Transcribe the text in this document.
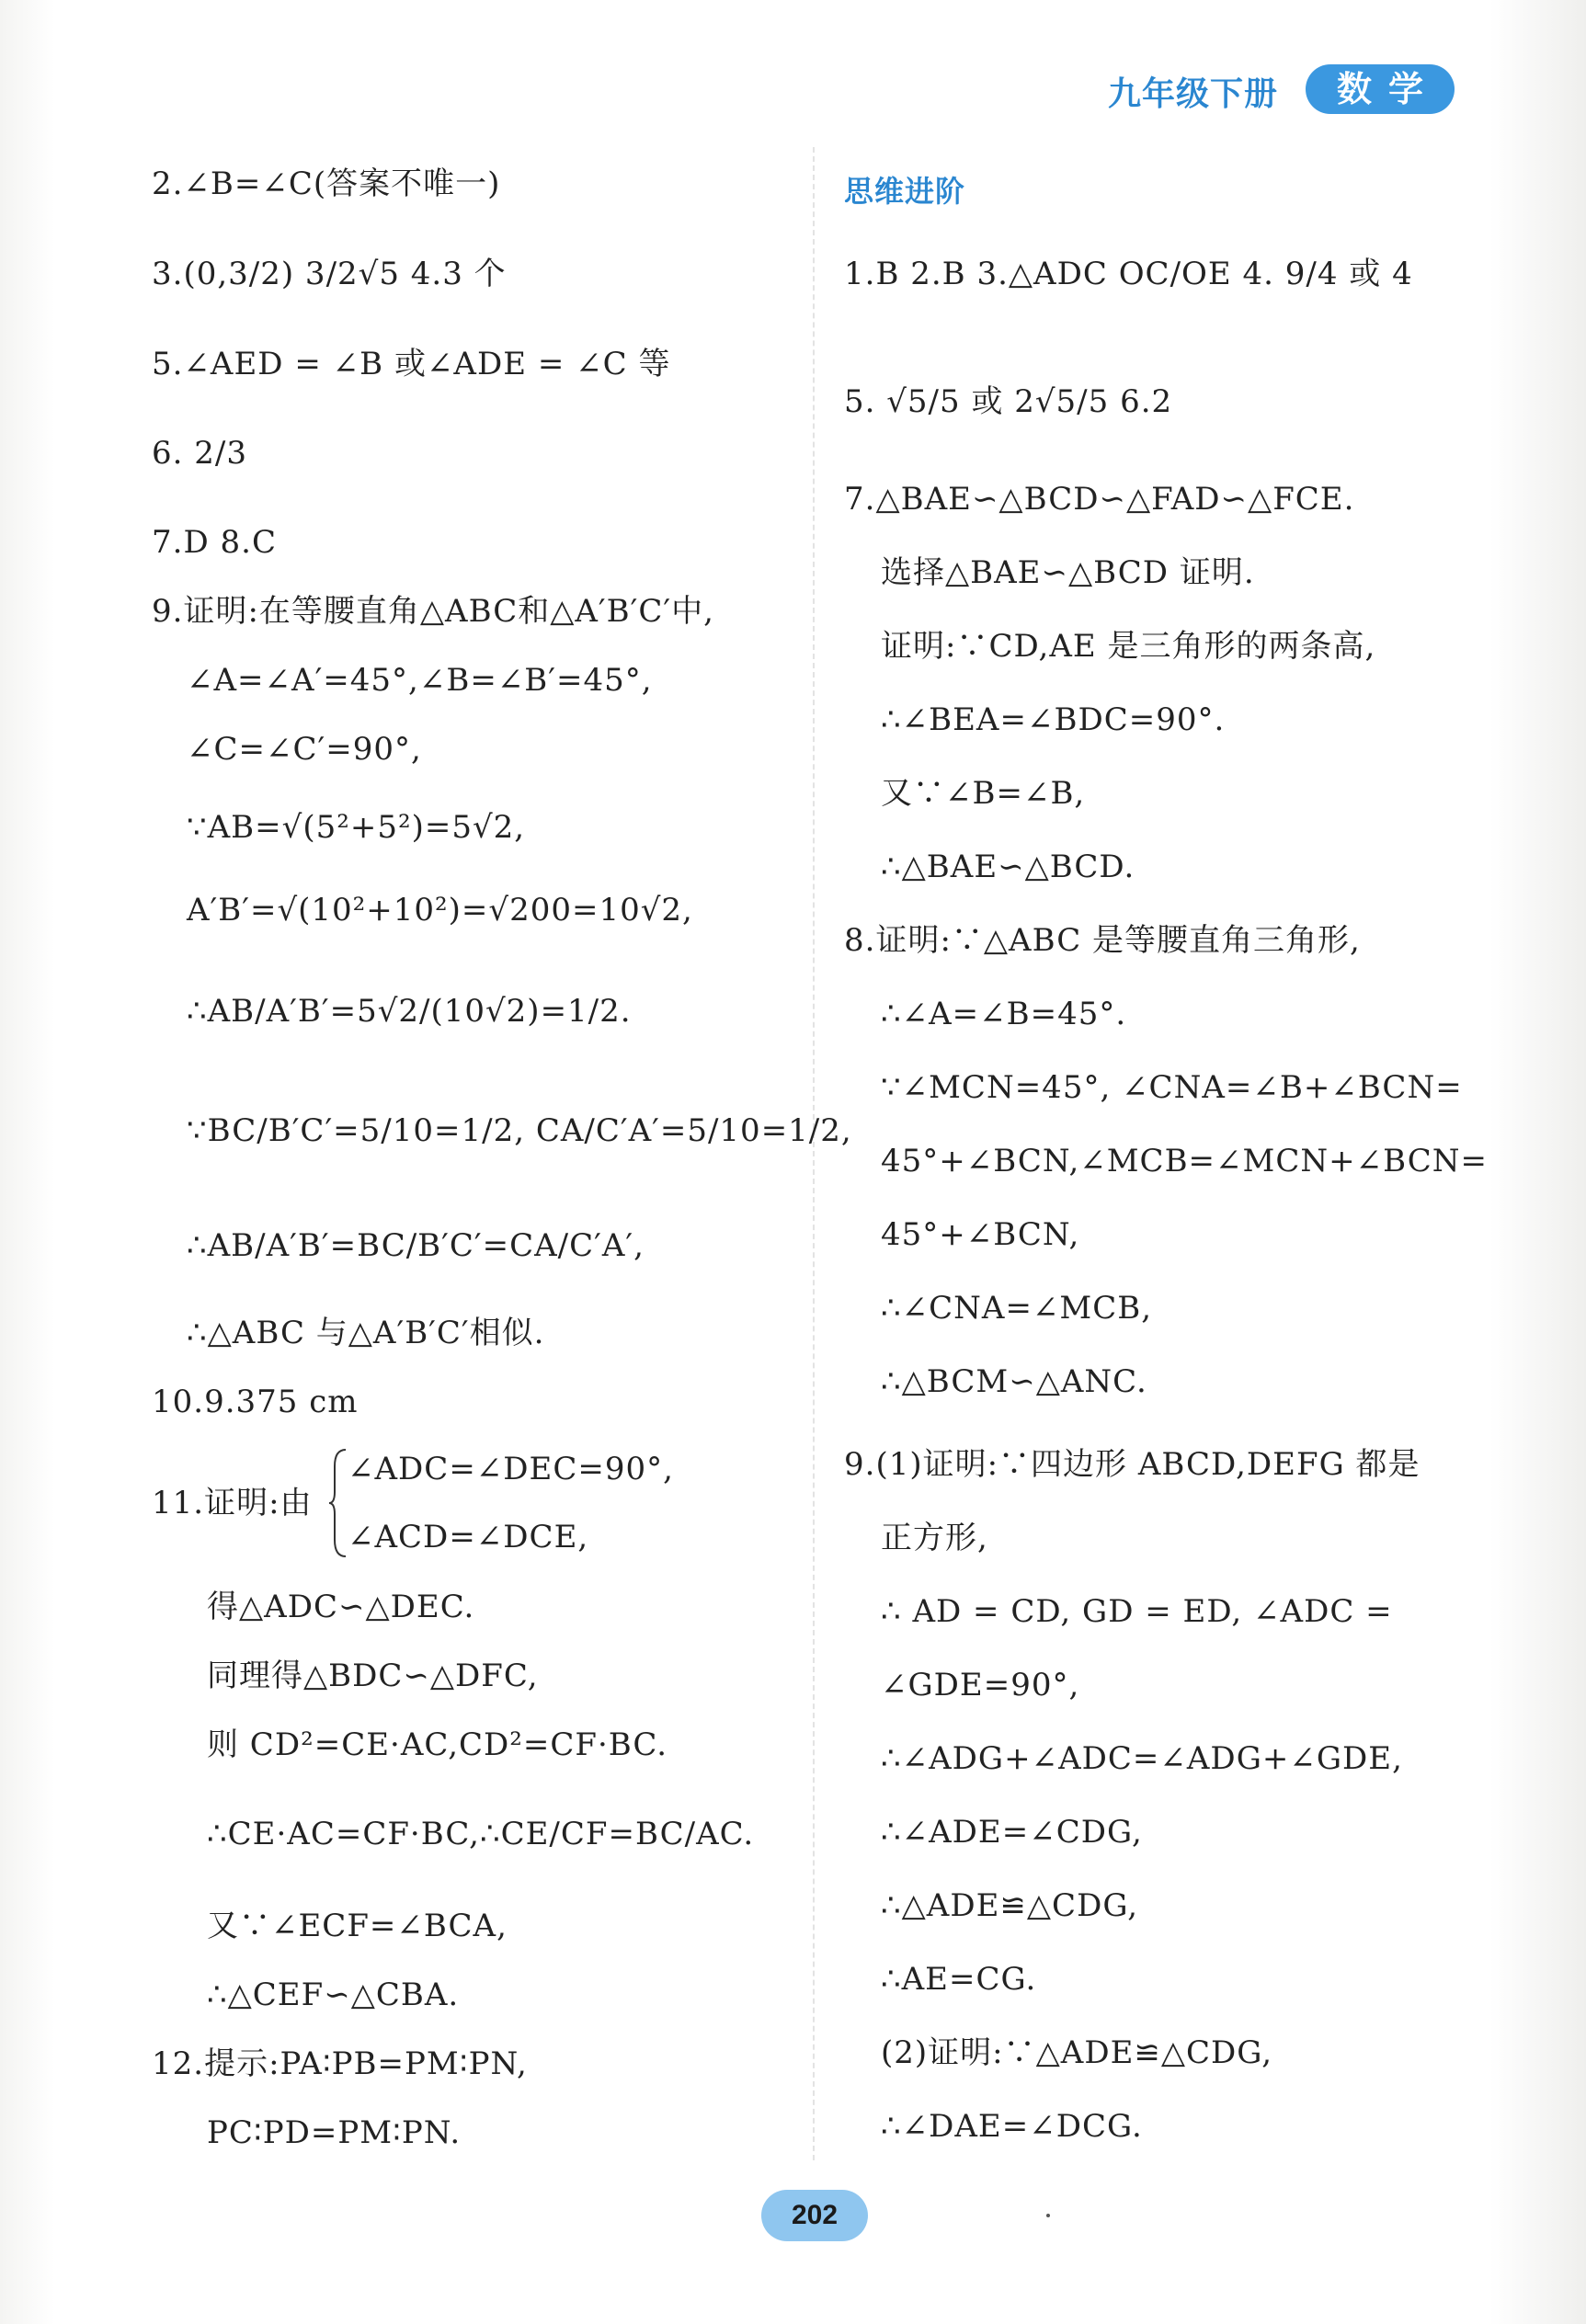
九年级下册	数学
2.∠B=∠C(答案不唯一)
3.(0,3/2) 3/2√5 4.3 个
5.∠AED = ∠B 或∠ADE = ∠C 等
6. 2/3
7.D 8.C
9.证明:在等腰直角△ABC和△A′B′C′中,
∠A=∠A′=45°,∠B=∠B′=45°,
∠C=∠C′=90°,
∵AB=√(5²+5²)=5√2,
A′B′=√(10²+10²)=√200=10√2,
∴AB/A′B′=5√2/(10√2)=1/2.
∵BC/B′C′=5/10=1/2, CA/C′A′=5/10=1/2,
∴AB/A′B′=BC/B′C′=CA/C′A′,
∴△ABC 与△A′B′C′相似.
10.9.375 cm
∠ADC=∠DEC=90°,
11.证明:由
∠ACD=∠DCE,
得△ADC∽△DEC.
同理得△BDC∽△DFC,
则 CD²=CE·AC,CD²=CF·BC.
∴CE·AC=CF·BC,∴CE/CF=BC/AC.
又∵∠ECF=∠BCA,
∴△CEF∽△CBA.
12.提示:PA∶PB=PM∶PN,
PC∶PD=PM∶PN.
思维进阶
1.B 2.B 3.△ADC OC/OE 4. 9/4 或 4
5. √5/5 或 2√5/5 6.2
7.△BAE∽△BCD∽△FAD∽△FCE.
选择△BAE∽△BCD 证明.
证明:∵CD,AE 是三角形的两条高,
∴∠BEA=∠BDC=90°.
又∵∠B=∠B,
∴△BAE∽△BCD.
8.证明:∵△ABC 是等腰直角三角形,
∴∠A=∠B=45°.
∵∠MCN=45°, ∠CNA=∠B+∠BCN=
45°+∠BCN,∠MCB=∠MCN+∠BCN=
45°+∠BCN,
∴∠CNA=∠MCB,
∴△BCM∽△ANC.
9.(1)证明:∵四边形 ABCD,DEFG 都是
正方形,
∴ AD = CD, GD = ED, ∠ADC =
∠GDE=90°,
∴∠ADG+∠ADC=∠ADG+∠GDE,
∴∠ADE=∠CDG,
∴△ADE≌△CDG,
∴AE=CG.
(2)证明:∵△ADE≌△CDG,
∴∠DAE=∠DCG.
202
